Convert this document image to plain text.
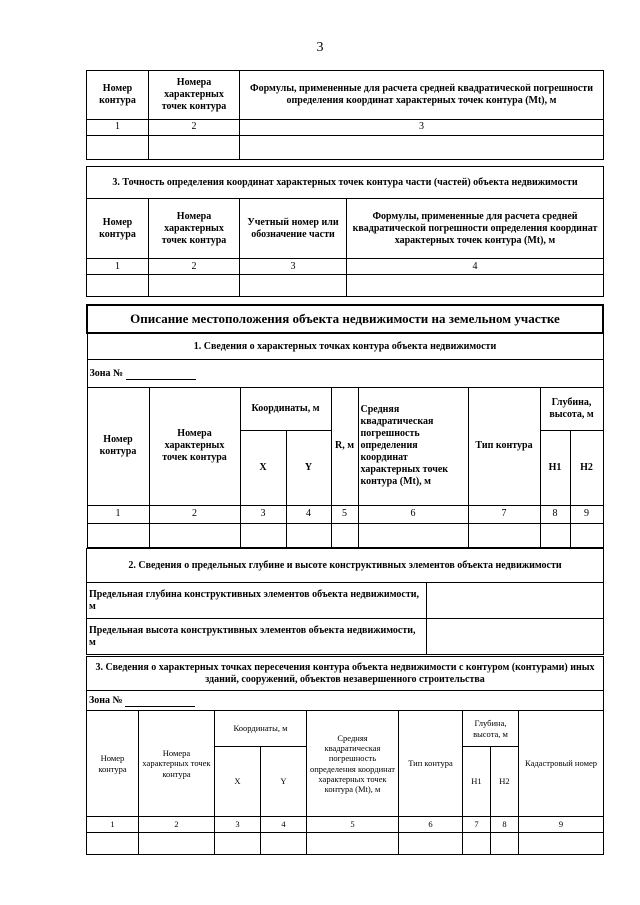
3
Номер контура	Номера характерных точек контура	Формулы, примененные для расчета средней квадратической погрешности определения координат характерных точек контура (Mt), м
1	2	3

3. Точность определения координат характерных точек контура части (частей) объекта недвижимости			
Номер контура	Номера характерных точек контура	Учетный номер или обозначение части	Формулы, примененные для расчета средней квадратической погрешности определения координат характерных точек контура (Mt), м
1	2	3	4

Описание местоположения объекта недвижимости на земельном участке								
1. Сведения о характерных точках контура объекта недвижимости								
Зона №								
Номер контура	Номера характерных точек контура	Координаты, м		R, м	Средняя квадратическая погрешность определения координат характерных точек контура (Mt), м	Тип контура	Глубина, высота, м	
		X	Y				H1	H2
1	2	3	4	5	6	7	8	9

2. Сведения о предельных глубине и высоте конструктивных элементов объекта недвижимости	
Предельная глубина конструктивных элементов объекта недвижимости, м	
Предельная высота конструктивных элементов объекта недвижимости, м	
3. Сведения о характерных точках пересечения контура объекта недвижимости с контуром (контурами) иных зданий, сооружений, объектов незавершенного строительства								
Зона №								
Номер контура	Номера характерных точек контура	Координаты, м		Средняя квадратическая погрешность определения координат характерных точек контура (Mt), м	Тип контура	Глубина, высота, м		Кадастровый номер
		X	Y			H1	H2	
1	2	3	4	5	6	7	8	9
